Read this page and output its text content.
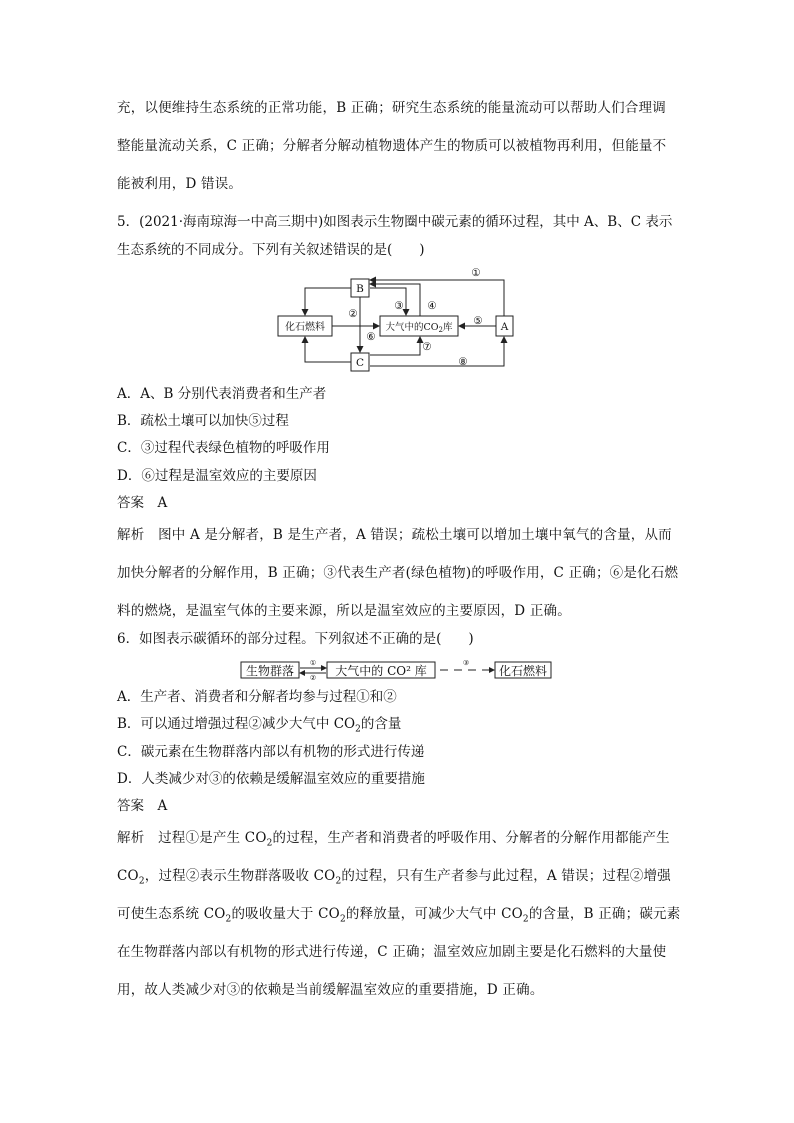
充，以便维持生态系统的正常功能，B 正确；研究生态系统的能量流动可以帮助人们合理调
整能量流动关系，C 正确；分解者分解动植物遗体产生的物质可以被植物再利用，但能量不
能被利用，D 错误。
5．(2021·海南琼海一中高三期中)如图表示生物圈中碳元素的循环过程，其中 A、B、C 表示
生态系统的不同成分。下列有关叙述错误的是(　　)
B
C
A
化石燃料	大气中的$CO_2$库
①
②
③ ④
⑤
⑥
⑦
⑧
A．A、B 分别代表消费者和生产者
B．疏松土壤可以加快⑤过程
C．③过程代表绿色植物的呼吸作用
D．⑥过程是温室效应的主要原因
答案　A
解析　图中 A 是分解者，B 是生产者，A 错误；疏松土壤可以增加土壤中氧气的含量，从而
加快分解者的分解作用，B 正确；③代表生产者(绿色植物)的呼吸作用，C 正确；⑥是化石燃
料的燃烧，是温室气体的主要来源，所以是温室效应的主要原因，D 正确。
6．如图表示碳循环的部分过程。下列叙述不正确的是(　　)
生物群落	大气中的 CO² 库	化石燃料
①
②
③
A．生产者、消费者和分解者均参与过程①和②
B．可以通过增强过程②减少大气中 $CO_2$的含量
C．碳元素在生物群落内部以有机物的形式进行传递
D．人类减少对③的依赖是缓解温室效应的重要措施
答案　A
解析　过程①是产生 $CO_2$的过程，生产者和消费者的呼吸作用、分解者的分解作用都能产生
$CO_2$，过程②表示生物群落吸收 $CO_2$的过程，只有生产者参与此过程，A 错误；过程②增强
可使生态系统 $CO_2$的吸收量大于 $CO_2$的释放量，可减少大气中 $CO_2$的含量，B 正确；碳元素
在生物群落内部以有机物的形式进行传递，C 正确；温室效应加剧主要是化石燃料的大量使
用，故人类减少对③的依赖是当前缓解温室效应的重要措施，D 正确。
